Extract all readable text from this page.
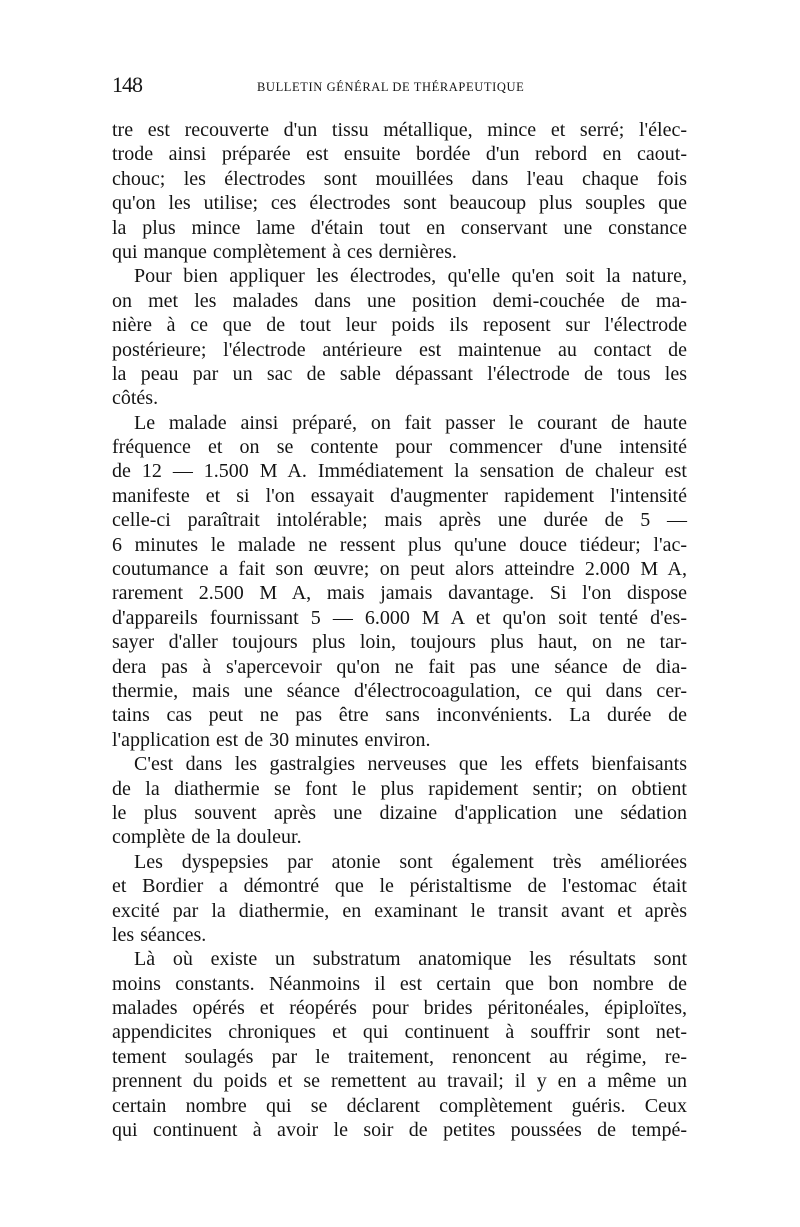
148	BULLETIN GÉNÉRAL DE THÉRAPEUTIQUE
tre est recouverte d'un tissu métallique, mince et serré; l'élec-
trode ainsi préparée est ensuite bordée d'un rebord en caout-
chouc; les électrodes sont mouillées dans l'eau chaque fois
qu'on les utilise; ces électrodes sont beaucoup plus souples que
la plus mince lame d'étain tout en conservant une constance
qui manque complètement à ces dernières.
Pour bien appliquer les électrodes, qu'elle qu'en soit la nature,
on met les malades dans une position demi-couchée de ma-
nière à ce que de tout leur poids ils reposent sur l'électrode
postérieure; l'électrode antérieure est maintenue au contact de
la peau par un sac de sable dépassant l'électrode de tous les
côtés.
Le malade ainsi préparé, on fait passer le courant de haute
fréquence et on se contente pour commencer d'une intensité
de 12 — 1.500 M A. Immédiatement la sensation de chaleur est
manifeste et si l'on essayait d'augmenter rapidement l'intensité
celle-ci paraîtrait intolérable; mais après une durée de 5 —
6 minutes le malade ne ressent plus qu'une douce tiédeur; l'ac-
coutumance a fait son œuvre; on peut alors atteindre 2.000 M A,
rarement 2.500 M A, mais jamais davantage. Si l'on dispose
d'appareils fournissant 5 — 6.000 M A et qu'on soit tenté d'es-
sayer d'aller toujours plus loin, toujours plus haut, on ne tar-
dera pas à s'apercevoir qu'on ne fait pas une séance de dia-
thermie, mais une séance d'électrocoagulation, ce qui dans cer-
tains cas peut ne pas être sans inconvénients. La durée de
l'application est de 30 minutes environ.
C'est dans les gastralgies nerveuses que les effets bienfaisants
de la diathermie se font le plus rapidement sentir; on obtient
le plus souvent après une dizaine d'application une sédation
complète de la douleur.
Les dyspepsies par atonie sont également très améliorées
et Bordier a démontré que le péristaltisme de l'estomac était
excité par la diathermie, en examinant le transit avant et après
les séances.
Là où existe un substratum anatomique les résultats sont
moins constants. Néanmoins il est certain que bon nombre de
malades opérés et réopérés pour brides péritonéales, épiploïtes,
appendicites chroniques et qui continuent à souffrir sont net-
tement soulagés par le traitement, renoncent au régime, re-
prennent du poids et se remettent au travail; il y en a même un
certain nombre qui se déclarent complètement guéris. Ceux
qui continuent à avoir le soir de petites poussées de tempé-
